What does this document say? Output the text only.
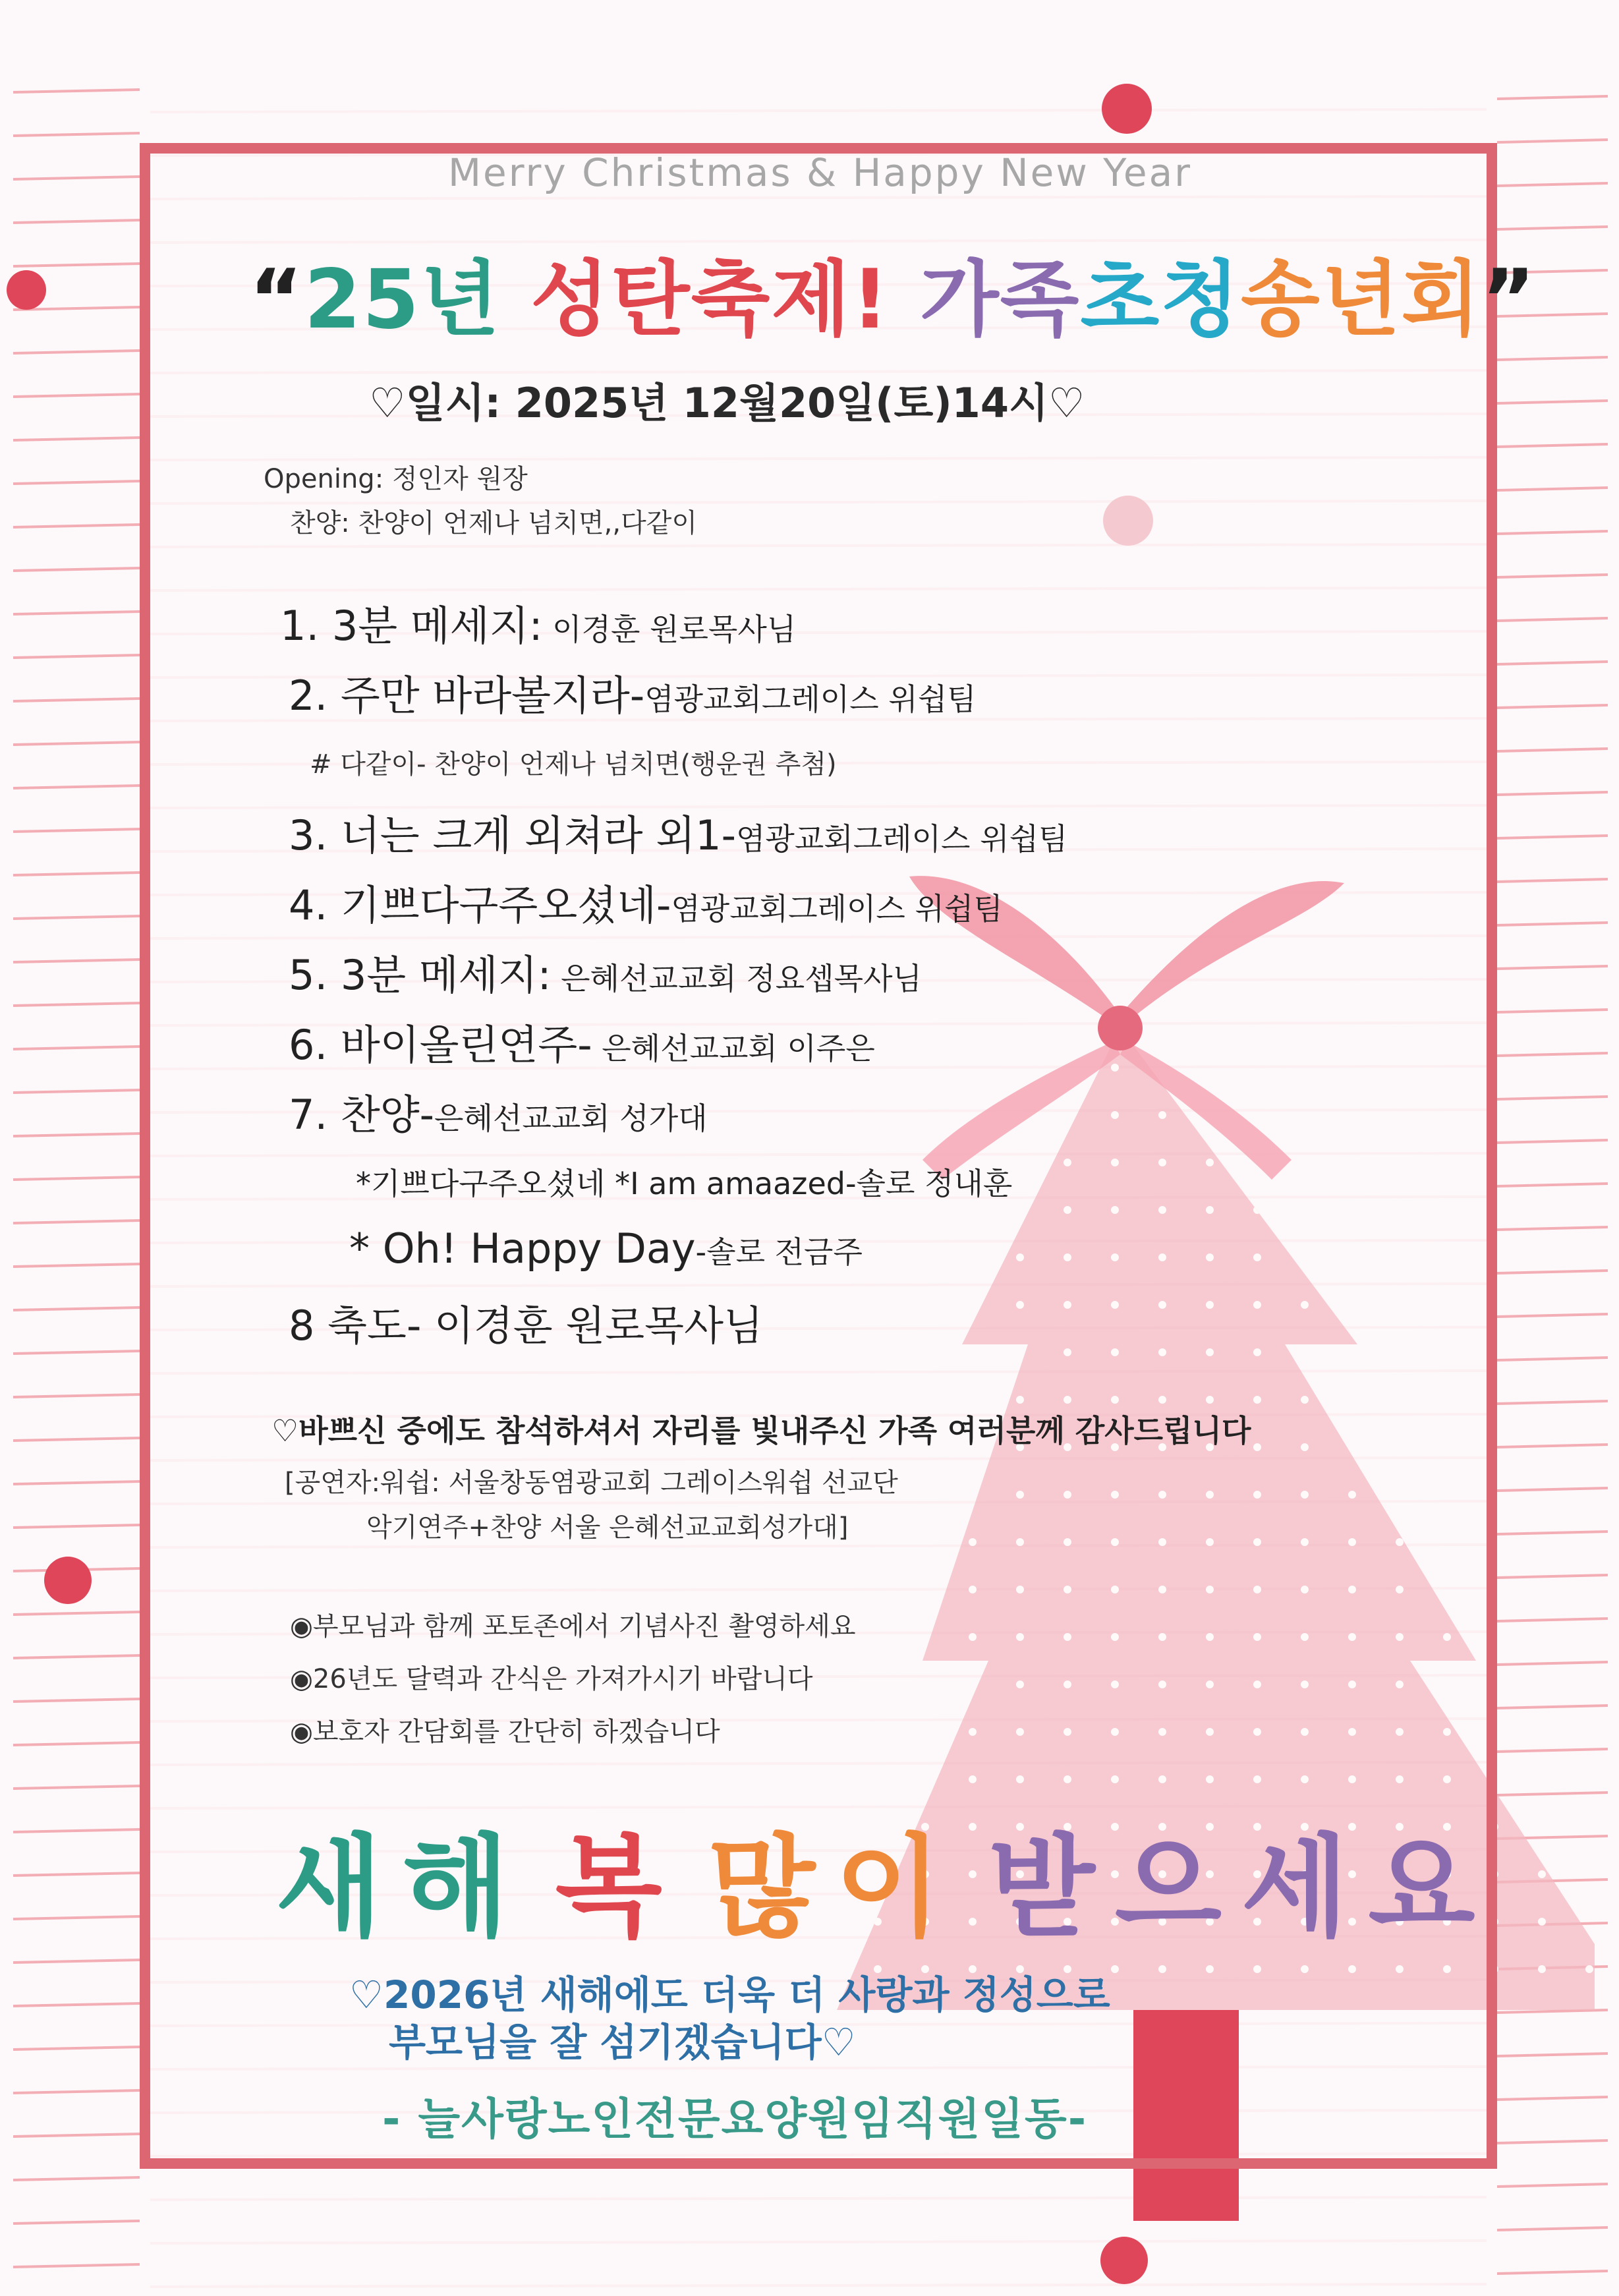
Merry Christmas & Happy New Year
“25년 성탄축제! 가족초청송년회”
♡일시: 2025년 12월20일(토)14시♡
Opening: 정인자 원장
찬양: 찬양이 언제나 넘치면,,다같이
1. 3분 메세지: 이경훈 원로목사님
2. 주만 바라볼지라-염광교회그레이스 위쉽팀
# 다같이- 찬양이 언제나 넘치면(행운권 추첨)
3. 너는 크게 외쳐라 외1-염광교회그레이스 위쉽팀
4. 기쁘다구주오셨네-염광교회그레이스 위쉽팀
5. 3분 메세지: 은혜선교교회 정요셉목사님
6. 바이올린연주- 은혜선교교회 이주은
7. 찬양-은혜선교교회 성가대
*기쁘다구주오셨네 *I am amaazed-솔로 정내훈
* Oh! Happy Day-솔로 전금주
8 축도- 이경훈 원로목사님
♡바쁘신 중에도 참석하셔서 자리를 빛내주신 가족 여러분께 감사드립니다
[공연자:워쉽: 서울창동염광교회 그레이스워쉽 선교단
악기연주+찬양 서울 은혜선교교회성가대]
◉부모님과 함께 포토존에서 기념사진 촬영하세요
◉26년도 달력과 간식은 가져가시기 바랍니다
◉보호자 간담회를 간단히 하겠습니다
새해 복 많이 받으세요
♡2026년 새해에도 더욱 더 사랑과 정성으로
부모님을 잘 섬기겠습니다♡
- 늘사랑노인전문요양원임직원일동-
